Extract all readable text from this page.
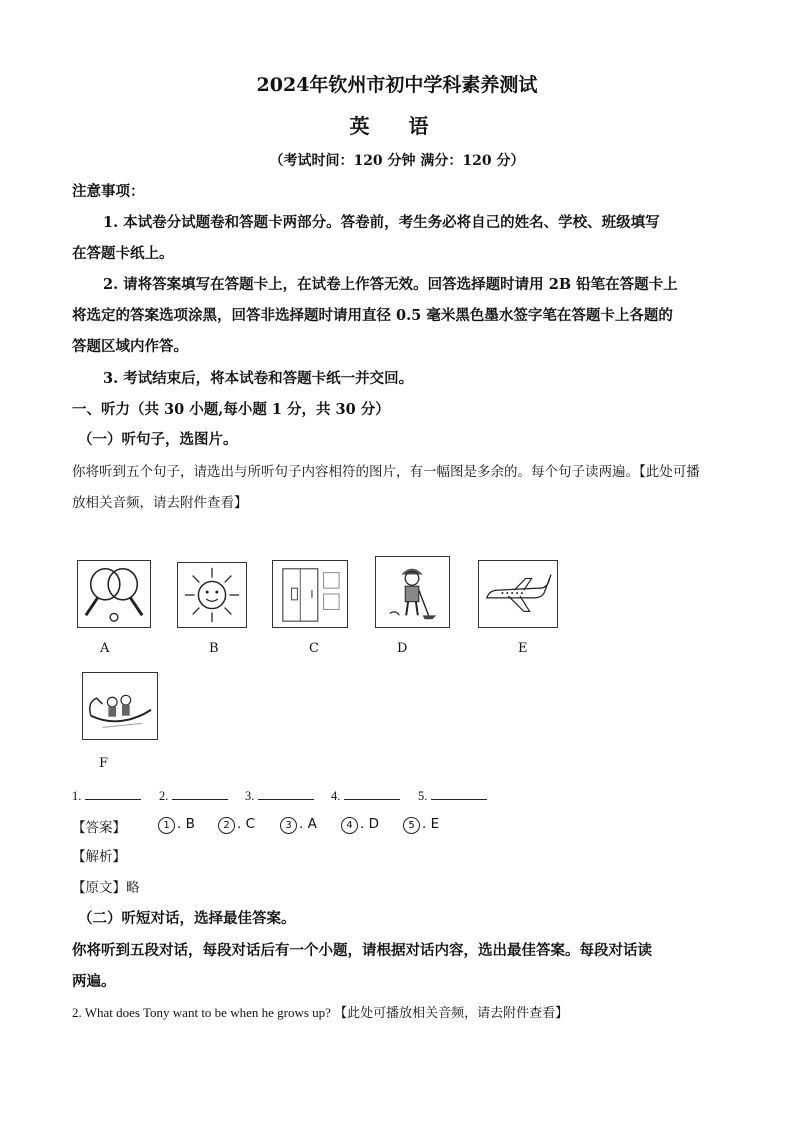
2024年钦州市初中学科素养测试
英 语
（考试时间：120 分钟 满分：120 分）
注意事项：
1. 本试卷分试题卷和答题卡两部分。答卷前，考生务必将自己的姓名、学校、班级填写
在答题卡纸上。
2. 请将答案填写在答题卡上，在试卷上作答无效。回答选择题时请用 2B 铅笔在答题卡上
将选定的答案选项涂黑，回答非选择题时请用直径 0.5 毫米黑色墨水签字笔在答题卡上各题的
答题区域内作答。
3. 考试结束后，将本试卷和答题卡纸一并交回。
一、听力（共 30 小题,每小题 1 分，共 30 分）
（一）听句子，选图片。
你将听到五个句子，请选出与所听句子内容相符的图片，有一幅图是多余的。每个句子读两遍。【此处可播
放相关音频，请去附件查看】
A	B	C	D	E
F
1.	2.	3.	4.	5.
【答案】	1 . B	2 . C	3 . A	4 . D	5 . E
【解析】
【原文】略
（二）听短对话，选择最佳答案。
你将听到五段对话，每段对话后有一个小题，请根据对话内容，选出最佳答案。每段对话读
两遍。
2. What does Tony want to be when he grows up? 【此处可播放相关音频，请去附件查看】
